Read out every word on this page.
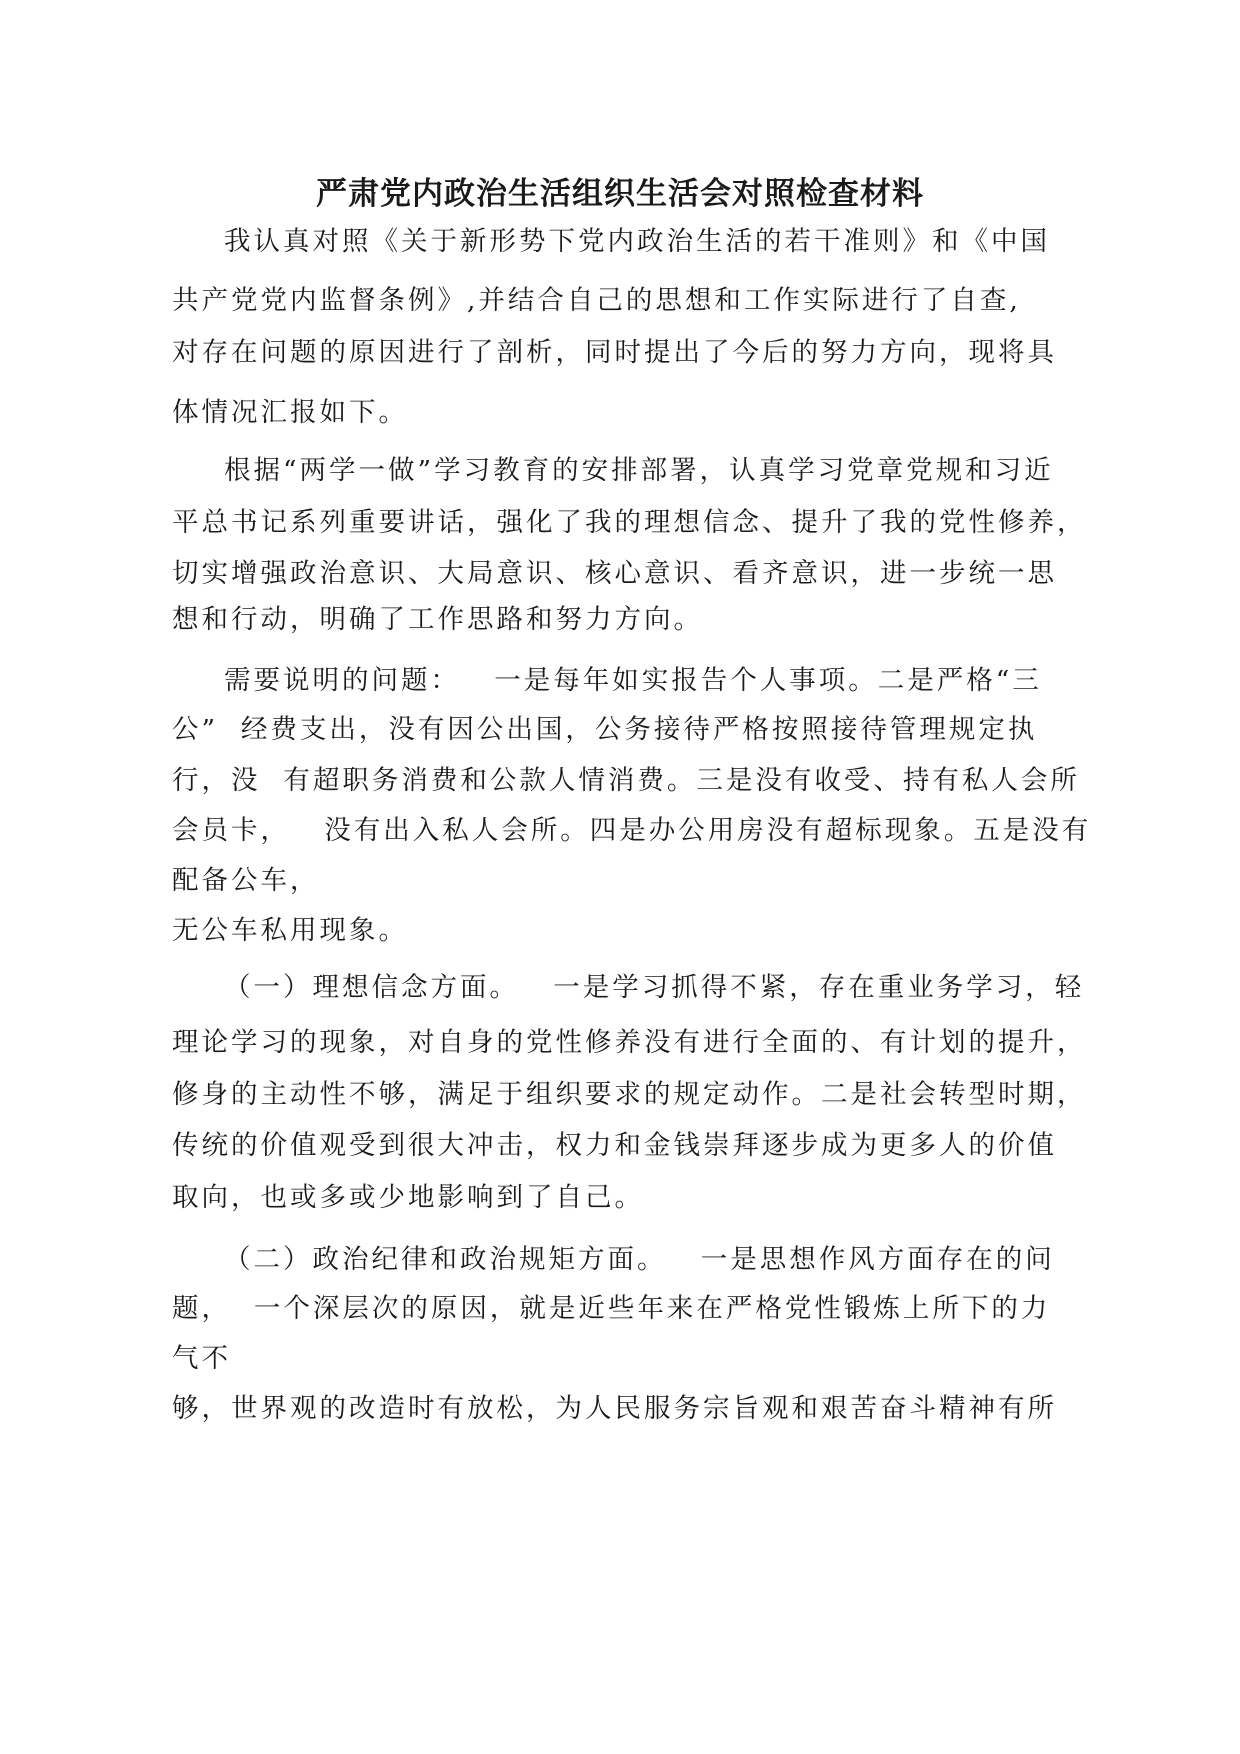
严肃党内政治生活组织生活会对照检查材料
我认真对照《关于新形势下党内政治生活的若干准则》和《中国
共产党党内监督条例》,并结合自己的思想和工作实际进行了自查,
对存在问题的原因进行了剖析，同时提出了今后的努力方向，现将具
体情况汇报如下。
根据“两学一做”学习教育的安排部署，认真学习党章党规和习近
平总书记系列重要讲话，强化了我的理想信念、提升了我的党性修养，
切实增强政治意识、大局意识、核心意识、看齐意识，进一步统一思
想和行动，明确了工作思路和努力方向。
需要说明的问题：   一是每年如实报告个人事项。二是严格“三
公”  经费支出，没有因公出国，公务接待严格按照接待管理规定执
行，没  有超职务消费和公款人情消费。三是没有收受、持有私人会所
会员卡，   没有出入私人会所。四是办公用房没有超标现象。五是没有
配备公车，
无公车私用现象。
（一）理想信念方面。   一是学习抓得不紧，存在重业务学习，轻
理论学习的现象，对自身的党性修养没有进行全面的、有计划的提升，
修身的主动性不够，满足于组织要求的规定动作。二是社会转型时期，
传统的价值观受到很大冲击，权力和金钱崇拜逐步成为更多人的价值
取向，也或多或少地影响到了自己。
（二）政治纪律和政治规矩方面。   一是思想作风方面存在的问
题，  一个深层次的原因，就是近些年来在严格党性锻炼上所下的力
气不
够，世界观的改造时有放松，为人民服务宗旨观和艰苦奋斗精神有所
